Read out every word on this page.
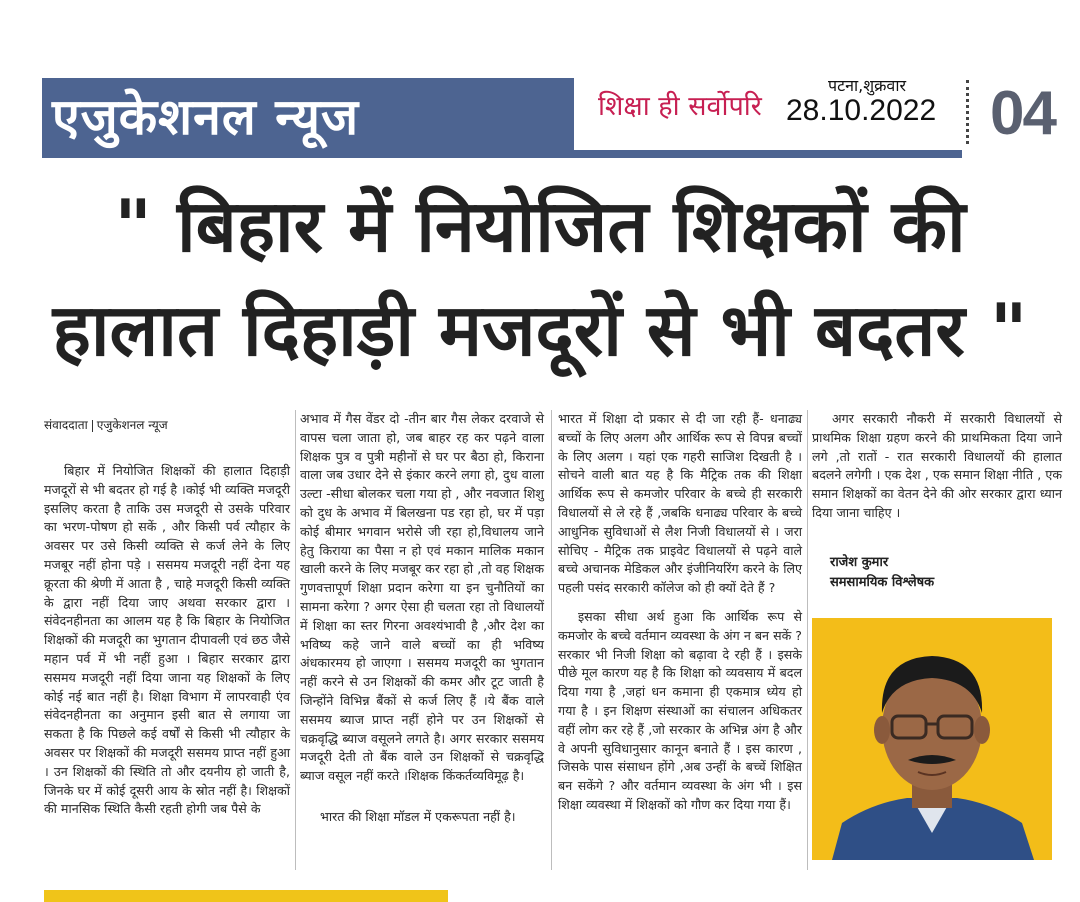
एजुकेशनल न्यूज	शिक्षा ही सर्वोपरि
पटना,शुक्रवार
28.10.2022 04
" बिहार में नियोजित शिक्षकों की
हालात दिहाड़ी मजदूरों से भी बदतर "
संवाददाता एजुकेशनल न्यूज

बिहार में नियोजित शिक्षकों की हालात दिहाड़ी मजदूरों से भी बदतर हो गई है ।कोई भी व्यक्ति मजदूरी इसलिए करता है ताकि उस मजदूरी से उसके परिवार का भरण-पोषण हो सकें , और किसी पर्व त्यौहार के अवसर पर उसे किसी व्यक्ति से कर्ज लेने के लिए मजबूर नहीं होना पड़े । ससमय मजदूरी नहीं देना यह क्रूरता की श्रेणी में आता है , चाहे मजदूरी किसी व्यक्ति के द्वारा नहीं दिया जाए अथवा सरकार द्वारा । संवेदनहीनता का आलम यह है कि बिहार के नियोजित शिक्षकों की मजदूरी का भुगतान दीपावली एवं छठ जैसे महान पर्व में भी नहीं हुआ । बिहार सरकार द्वारा ससमय मजदूरी नहीं दिया जाना यह शिक्षकों के लिए कोई नई बात नहीं है। शिक्षा विभाग में लापरवाही एंव संवेदनहीनता का अनुमान इसी बात से लगाया जा सकता है कि पिछले कई वर्षों से किसी भी त्यौहार के अवसर पर शिक्षकों की मजदूरी ससमय प्राप्त नहीं हुआ । उन शिक्षकों की स्थिति तो और दयनीय हो जाती है, जिनके घर में कोई दूसरी आय के स्रोत नहीं है। शिक्षकों की मानसिक स्थिति कैसी रहती होगी जब पैसे के

अभाव में गैस वेंडर दो -तीन बार गैस लेकर दरवाजे से वापस चला जाता हो, जब बाहर रह कर पढ़ने वाला शिक्षक पुत्र व पुत्री महीनों से घर पर बैठा हो, किराना वाला जब उधार देने से इंकार करने लगा हो, दुध वाला उल्टा -सीधा बोलकर चला गया हो , और नवजात शिशु को दुध के अभाव में बिलखना पड रहा हो, घर में पड़ा कोई बीमार भगवान भरोसे जी रहा हो,विधालय जाने हेतु किराया का पैसा न हो एवं मकान मालिक मकान खाली करने के लिए मजबूर कर रहा हो ,तो वह शिक्षक गुणवत्तापूर्ण शिक्षा प्रदान करेगा या इन चुनौतियों का सामना करेगा ? अगर ऐसा ही चलता रहा तो विधालयों में शिक्षा का स्तर गिरना अवश्यंभावी है ,और देश का भविष्य कहे जाने वाले बच्चों का ही भविष्य अंधकारमय हो जाएगा । ससमय मजदूरी का भुगतान नहीं करने से उन शिक्षकों की कमर और टूट जाती है जिन्होंने विभिन्न बैंकों से कर्ज लिए हैं ।ये बैंक वाले ससमय ब्याज प्राप्त नहीं होने पर उन शिक्षकों से चक्रवृद्धि ब्याज वसूलने लगते है। अगर सरकार ससमय मजदूरी देती तो बैंक वाले उन शिक्षकों से चक्रवृद्धि ब्याज वसूल नहीं करते ।शिक्षक किंकर्तव्यविमूढ़ है।

भारत की शिक्षा मॉडल में एकरूपता नहीं है।

भारत में शिक्षा दो प्रकार से दी जा रही हैं- धनाढ्य बच्चों के लिए अलग और आर्थिक रूप से विपन्न बच्चों के लिए अलग । यहां एक गहरी साजिश दिखती है । सोचने वाली बात यह है कि मैट्रिक तक की शिक्षा आर्थिक रूप से कमजोर परिवार के बच्चे ही सरकारी विधालयों से ले रहे हैं ,जबकि धनाढ्य परिवार के बच्चे आधुनिक सुविधाओं से लैश निजी विधालयों से । जरा सोचिए - मैट्रिक तक प्राइवेट विधालयों से पढ़ने वाले बच्चे अचानक मेडिकल और इंजीनियरिंग करने के लिए पहली पसंद सरकारी कॉलेज को ही क्यों देते हैं ?

इसका सीधा अर्थ हुआ कि आर्थिक रूप से कमजोर के बच्चे वर्तमान व्यवस्था के अंग न बन सकें ? सरकार भी निजी शिक्षा को बढ़ावा दे रही हैं । इसके पीछे मूल कारण यह है कि शिक्षा को व्यवसाय में बदल दिया गया है ,जहां धन कमाना ही एकमात्र ध्येय हो गया है । इन शिक्षण संस्थाओं का संचालन अधिकतर वहीं लोग कर रहे हैं ,जो सरकार के अभिन्न अंग है और वे अपनी सुविधानुसार कानून बनाते हैं । इस कारण , जिसके पास संसाधन होंगे ,अब उन्हीं के बच्चें शिक्षित बन सकेंगे ? और वर्तमान व्यवस्था के अंग भी । इस शिक्षा व्यवस्था में शिक्षकों को गौण कर दिया गया हैं।

अगर सरकारी नौकरी में सरकारी विधालयों से प्राथमिक शिक्षा ग्रहण करने की प्राथमिकता दिया जाने लगे ,तो रातों - रात सरकारी विधालयों की हालात बदलने लगेगी । एक देश , एक समान शिक्षा नीति , एक समान शिक्षकों का वेतन देने की ओर सरकार द्वारा ध्यान दिया जाना चाहिए ।

राजेश कुमार
समसामयिक विश्लेषक
